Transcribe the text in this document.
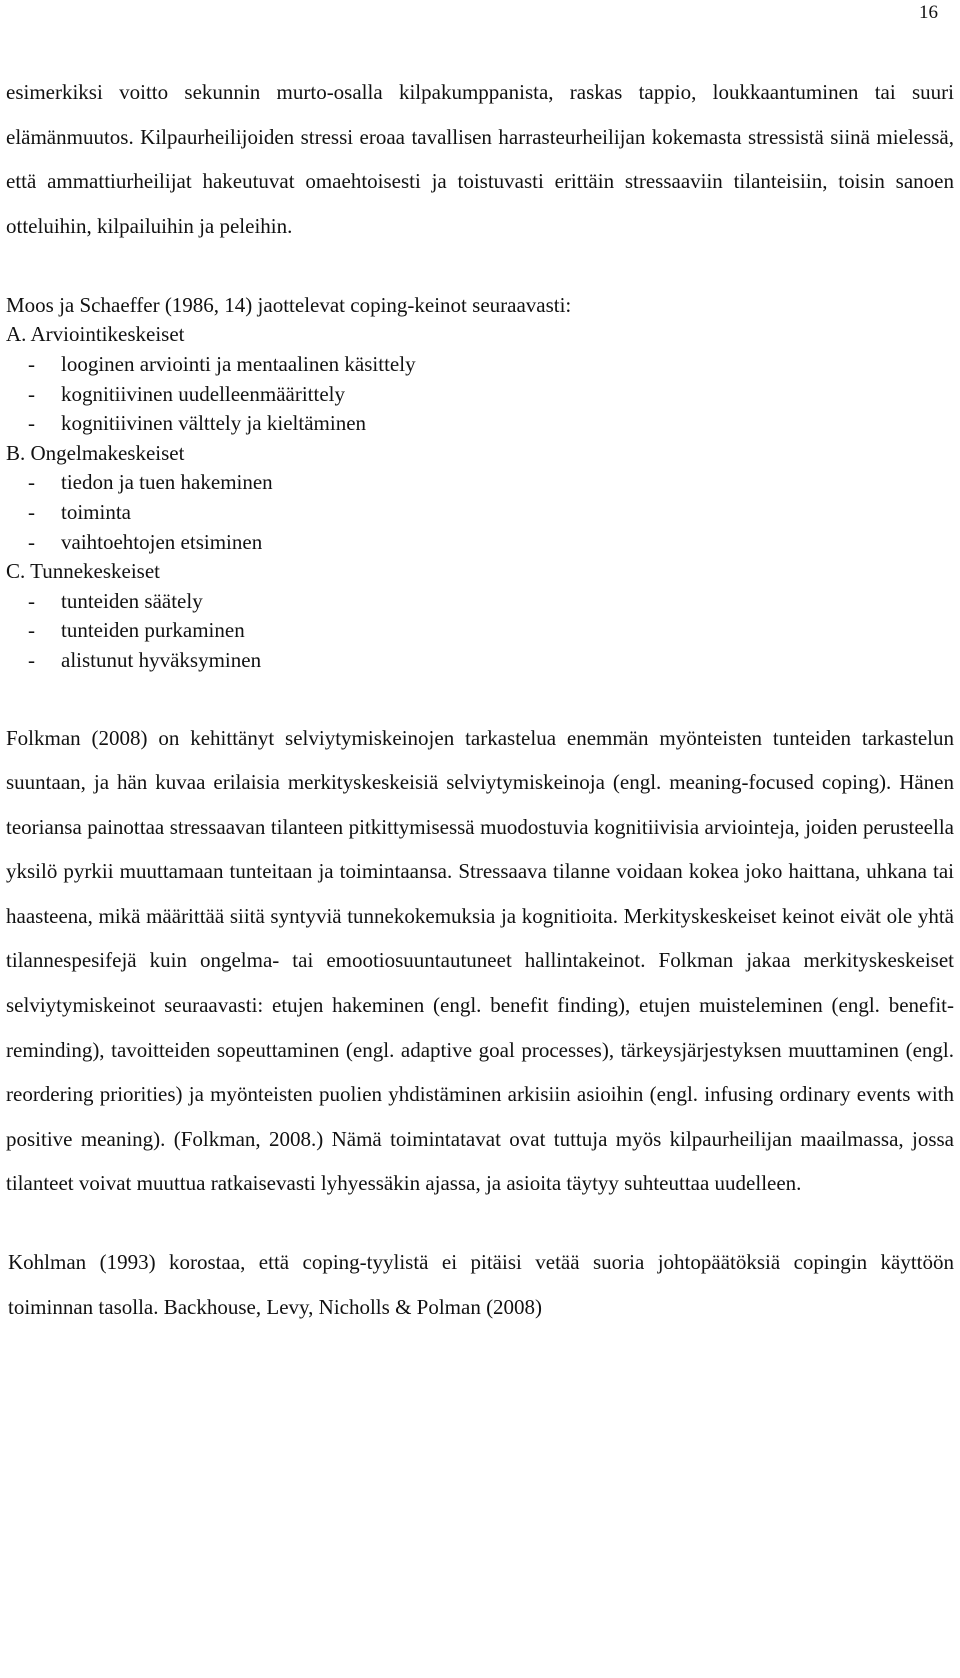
16

esimerkiksi voitto sekunnin murto-osalla kilpakumppanista, raskas tappio, loukkaantuminen tai suuri elämänmuutos. Kilpaurheilijoiden stressi eroaa tavallisen harrasteurheilijan kokemasta stressistä siinä mielessä, että ammattiurheilijat hakeutuvat omaehtoisesti ja toistuvasti erittäin stressaaviin tilanteisiin, toisin sanoen otteluihin, kilpailuihin ja peleihin.

Moos ja Schaeffer (1986, 14) jaottelevat coping-keinot seuraavasti:

A. Arviointikeskeiset
- looginen arviointi ja mentaalinen käsittely
- kognitiivinen uudelleenmäärittely
- kognitiivinen välttely ja kieltäminen
B. Ongelmakeskeiset
- tiedon ja tuen hakeminen
- toiminta
- vaihtoehtojen etsiminen
C. Tunnekeskeiset
- tunteiden säätely
- tunteiden purkaminen
- alistunut hyväksyminen

Folkman (2008) on kehittänyt selviytymiskeinojen tarkastelua enemmän myönteisten tunteiden tarkastelun suuntaan, ja hän kuvaa erilaisia merkityskeskeisiä selviytymiskeinoja (engl. meaning-focused coping). Hänen teoriansa painottaa stressaavan tilanteen pitkittymisessä muodostuvia kognitiivisia arviointeja, joiden perusteella yksilö pyrkii muuttamaan tunteitaan ja toimintaansa. Stressaava tilanne voidaan kokea joko haittana, uhkana tai haasteena, mikä määrittää siitä syntyviä tunnekokemuksia ja kognitioita. Merkityskeskeiset keinot eivät ole yhtä tilannespesifejä kuin ongelma- tai emootiosuuntautuneet hallintakeinot. Folkman jakaa merkityskeskeiset selviytymiskeinot seuraavasti: etujen hakeminen (engl. benefit finding), etujen muisteleminen (engl. benefit- reminding), tavoitteiden sopeuttaminen (engl. adaptive goal processes), tärkeysjärjestyksen muuttaminen (engl. reordering priorities) ja myönteisten puolien yhdistäminen arkisiin asioihin (engl. infusing ordinary events with positive meaning). (Folkman, 2008.) Nämä toimintatavat ovat tuttuja myös kilpaurheilijan maailmassa, jossa tilanteet voivat muuttua ratkaisevasti lyhyessäkin ajassa, ja asioita täytyy suhteuttaa uudelleen.

Kohlman (1993) korostaa, että coping-tyylistä ei pitäisi vetää suoria johtopäätöksiä copingin käyttöön toiminnan tasolla. Backhouse, Levy, Nicholls & Polman (2008)
